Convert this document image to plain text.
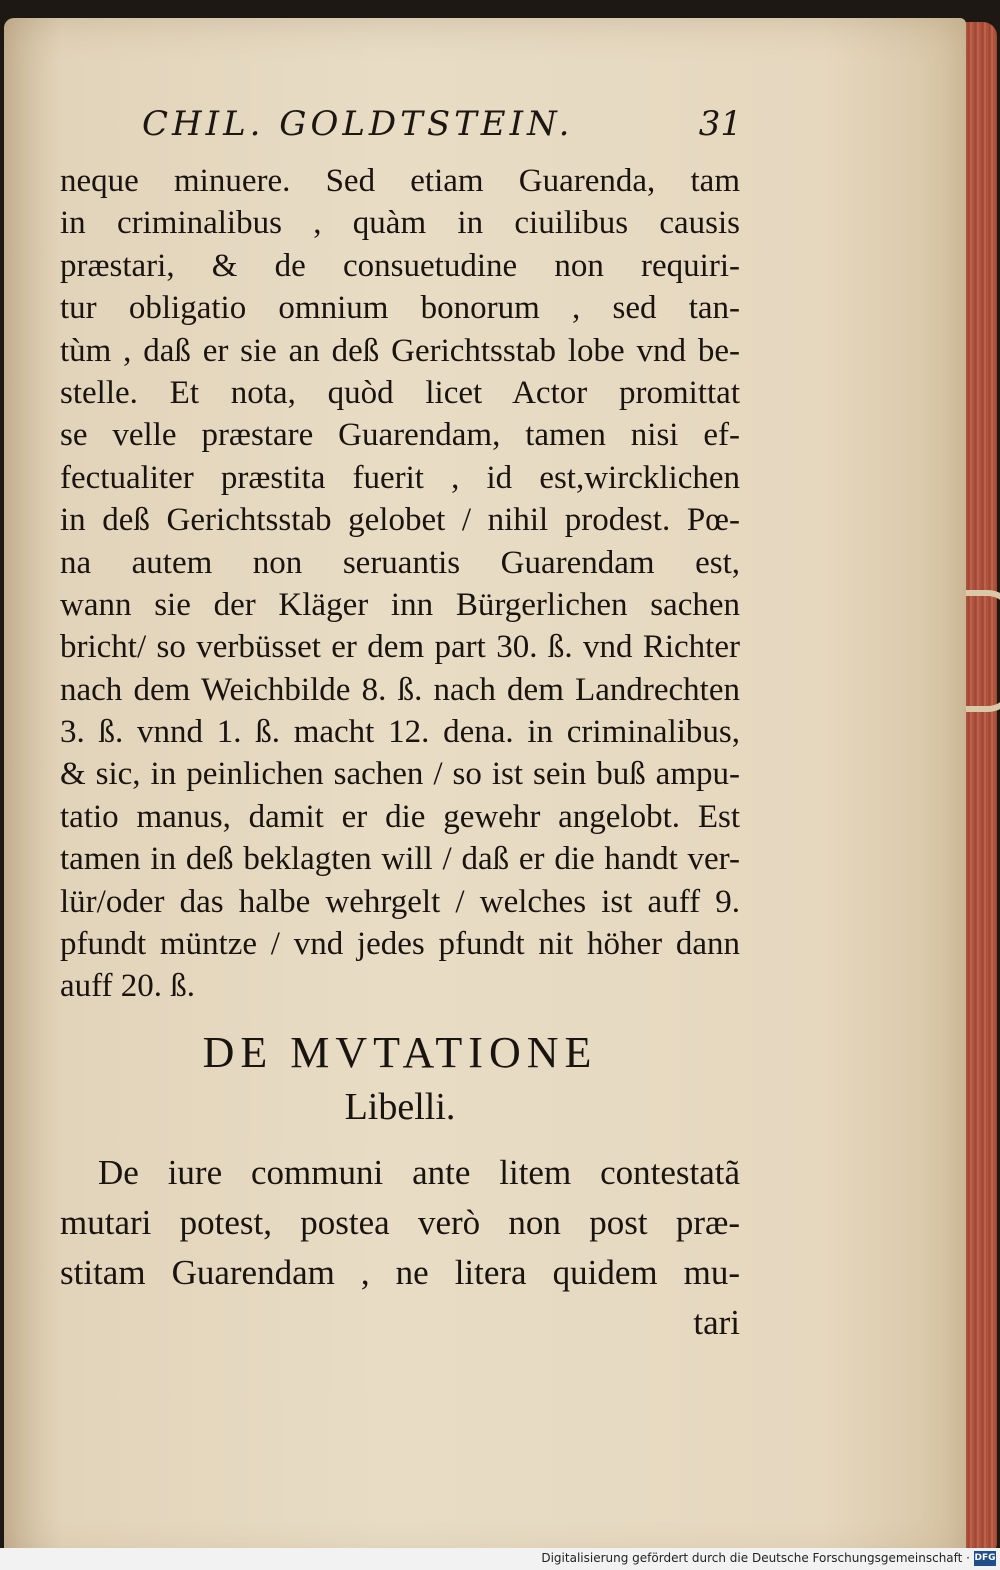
CHIL. GOLDTSTEIN.	31
neque minuere. Sed etiam Guarenda, tam
in criminalibus , quàm in ciuilibus causis
præstari, & de consuetudine non requiri-
tur obligatio omnium bonorum , sed tan-
tùm , daß er sie an deß Gerichtsstab lobe vnd be-
stelle. Et nota, quòd licet Actor promittat
se velle præstare Guarendam, tamen nisi ef-
fectualiter præstita fuerit , id est,wircklichen
in deß Gerichtsstab gelobet / nihil prodest. Pœ-
na autem non seruantis Guarendam est,
wann sie der Kläger inn Bürgerlichen sachen
bricht/ so verbüsset er dem part 30. ß. vnd Richter
nach dem Weichbilde 8. ß. nach dem Landrechten
3. ß. vnnd 1. ß. macht 12. dena. in criminalibus,
& sic, in peinlichen sachen / so ist sein buß ampu-
tatio manus, damit er die gewehr angelobt. Est
tamen in deß beklagten will / daß er die handt ver-
lür/oder das halbe wehrgelt / welches ist auff 9.
pfundt müntze / vnd jedes pfundt nit höher dann
auff 20. ß.
DE MVTATIONE
Libelli.
De iure communi ante litem contestatã
mutari potest, postea verò non post præ-
stitam Guarendam , ne litera quidem mu-
tari
Digitalisierung gefördert durch die Deutsche Forschungsgemeinschaft · DFG
